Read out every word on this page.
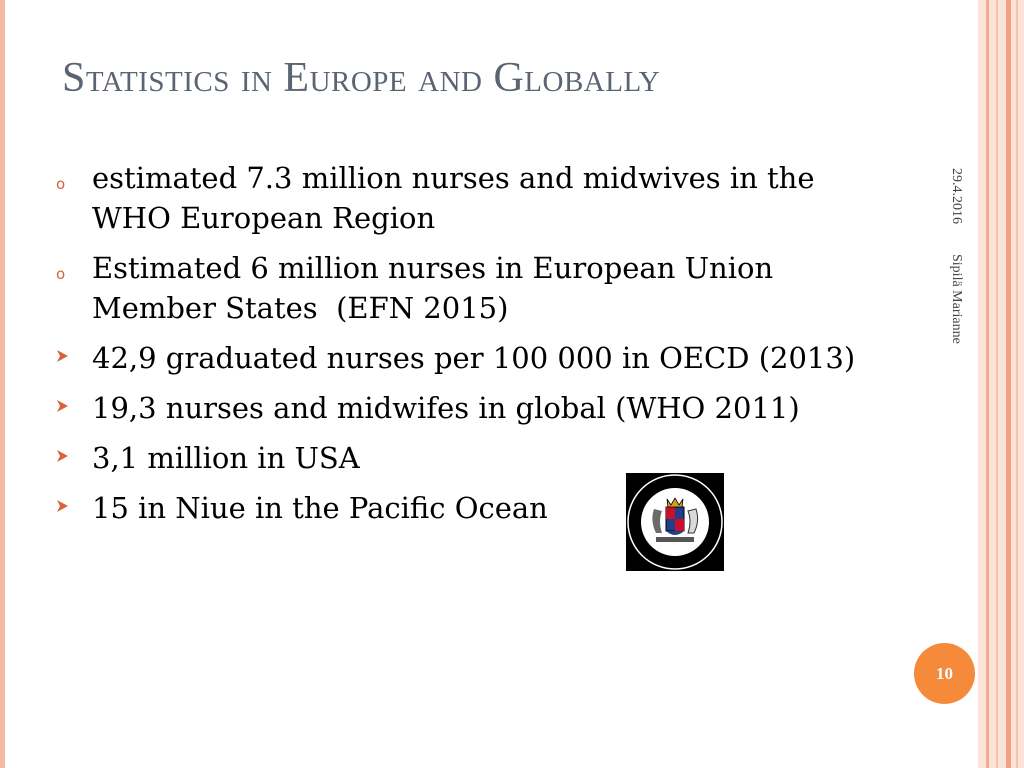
Statistics in Europe and Globally
o estimated 7.3 million nurses and midwives in the
WHO European Region
o Estimated 6 million nurses in European Union
Member States  (EFN 2015)
42,9 graduated nurses per 100 000 in OECD (2013)
19,3 nurses and midwifes in global (WHO 2011)
3,1 million in USA
15 in Niue in the Pacific Ocean
29.4.2016 Sipilä Marianne
10
